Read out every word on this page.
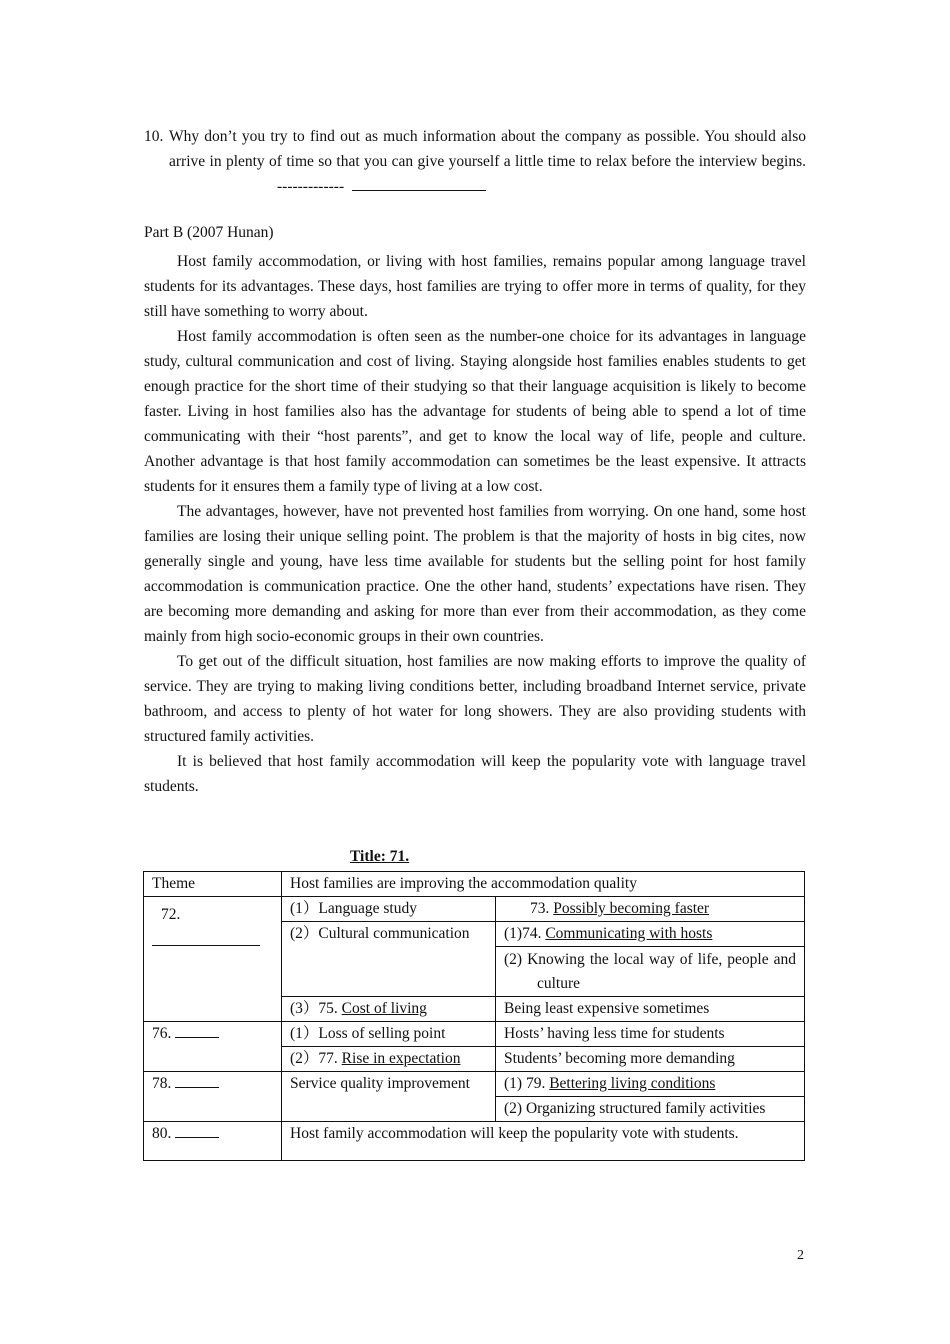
10. Why don’t you try to find out as much information about the company as possible. You should also arrive in plenty of time so that you can give yourself a little time to relax before the interview begins. -------------
Part B (2007 Hunan)

Host family accommodation, or living with host families, remains popular among language travel students for its advantages. These days, host families are trying to offer more in terms of quality, for they still have something to worry about.

Host family accommodation is often seen as the number-one choice for its advantages in language study, cultural communication and cost of living. Staying alongside host families enables students to get enough practice for the short time of their studying so that their language acquisition is likely to become faster. Living in host families also has the advantage for students of being able to spend a lot of time communicating with their “host parents”, and get to know the local way of life, people and culture. Another advantage is that host family accommodation can sometimes be the least expensive. It attracts students for it ensures them a family type of living at a low cost.

The advantages, however, have not prevented host families from worrying. On one hand, some host families are losing their unique selling point. The problem is that the majority of hosts in big cites, now generally single and young, have less time available for students but the selling point for host family accommodation is communication practice. One the other hand, students’ expectations have risen. They are becoming more demanding and asking for more than ever from their accommodation, as they come mainly from high socio-economic groups in their own countries.

To get out of the difficult situation, host families are now making efforts to improve the quality of service. They are trying to making living conditions better, including broadband Internet service, private bathroom, and access to plenty of hot water for long showers. They are also providing students with structured family activities.

It is believed that host family accommodation will keep the popularity vote with language travel students.

Title: 71.
Theme	Host families are improving the accommodation quality	

72.	(1）Language study	73. Possibly becoming faster
	(2）Cultural communication	(1)74. Communicating with hosts

		(2) Knowing the local way of life, people and culture

	(3）75. Cost of living	Being least expensive sometimes
76.	(1）Loss of selling point	Hosts’ having less time for students
	(2）77. Rise in expectation	Students’ becoming more demanding
78.	Service quality improvement	(1) 79. Bettering living conditions
		(2) Organizing structured family activities
80.	Host family accommodation will keep the popularity vote with students.	
2
